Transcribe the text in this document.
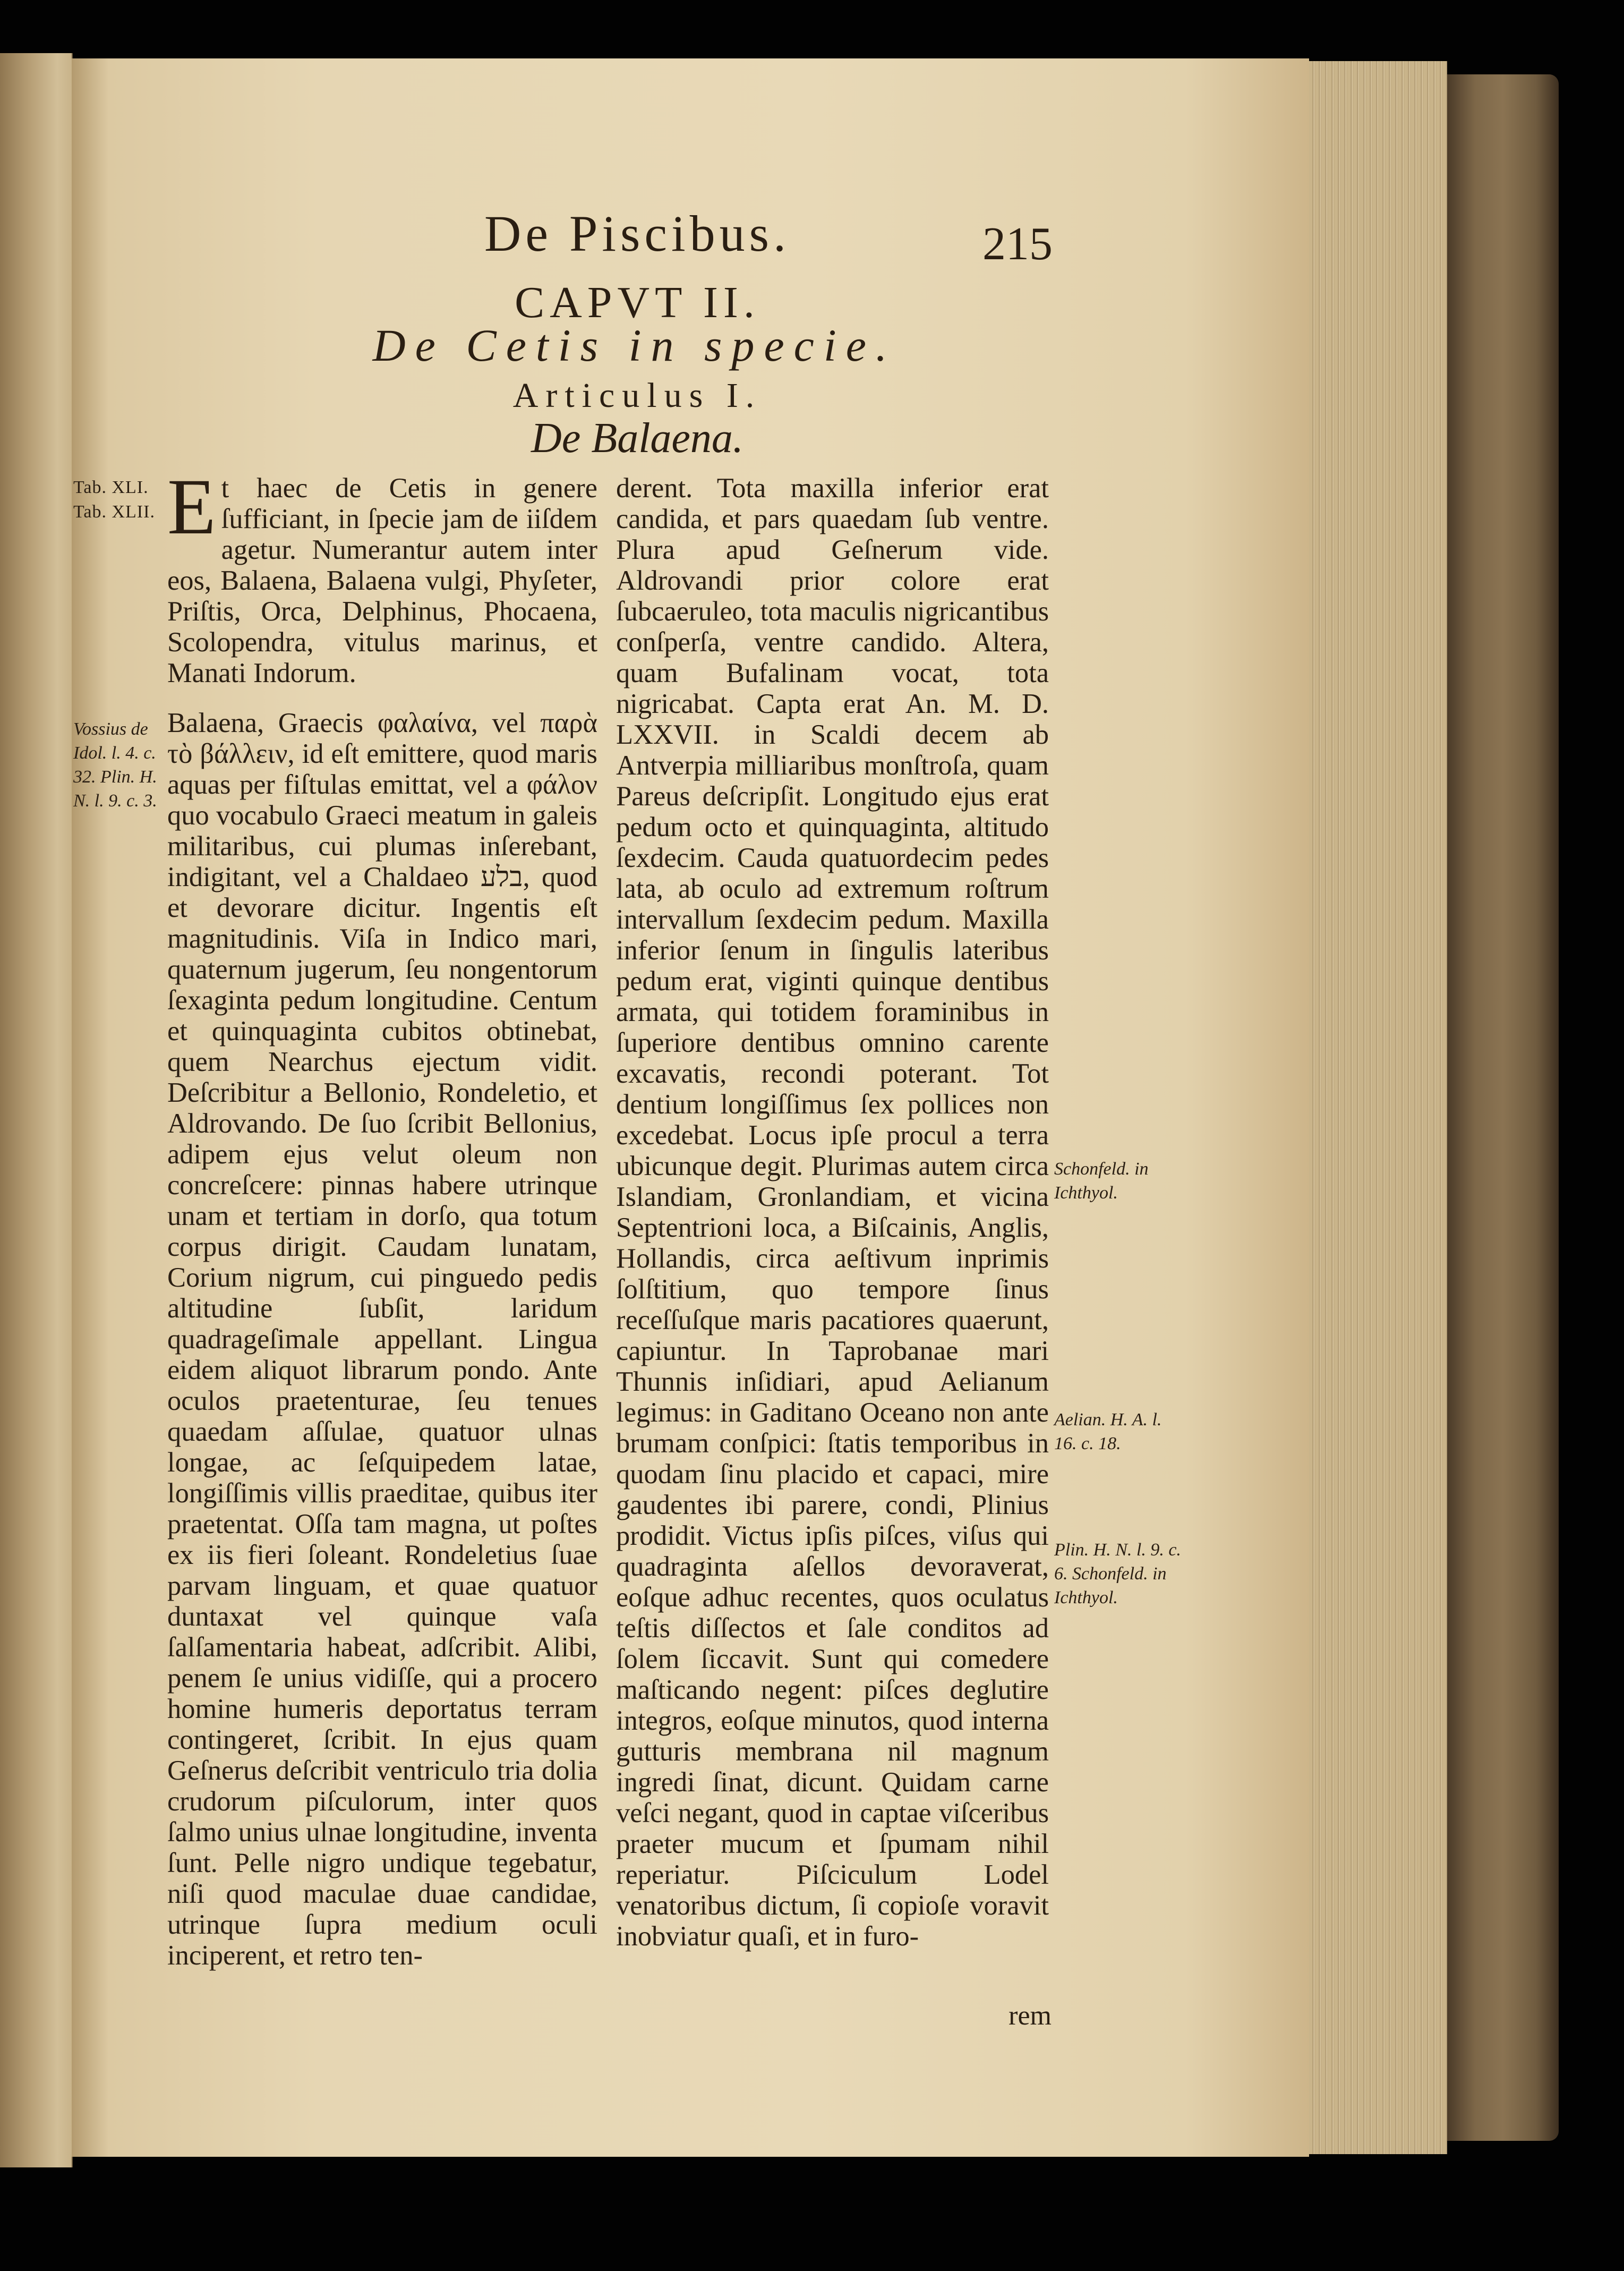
De Piscibus.	215
CAPVT II.
De Cetis in specie.
Articulus I.
De Balaena.
Tab. XLI. Tab. XLII.
Vossius de Idol. l. 4. c. 32. Plin. H. N. l. 9. c. 3.
Schonfeld. in Ichthyol.
Aelian. H. A. l. 16. c. 18.
Plin. H. N. l. 9. c. 6. Schonfeld. in Ichthyol.

Et haec de Cetis in genere ſufficiant, in ſpecie jam de iiſdem agetur. Numerantur autem inter eos, Balaena, Balaena vulgi, Phyſeter, Priſtis, Orca, Delphinus, Phocaena, Scolopendra, vitulus marinus, et Manati Indorum.

Balaena, Graecis φαλαίνα, vel παρὰ τὸ βάλλειν, id eſt emittere, quod maris aquas per fiſtulas emittat, vel a φάλον quo vocabulo Graeci meatum in galeis militaribus, cui plumas inſerebant, indigitant, vel a Chaldaeo בלע, quod et devorare dicitur. Ingentis eſt magnitudinis. Viſa in Indico mari, quaternum jugerum, ſeu nongentorum ſexaginta pedum longitudine. Centum et quinquaginta cubitos obtinebat, quem Nearchus ejectum vidit. Deſcribitur a Bellonio, Rondeletio, et Aldrovando. De ſuo ſcribit Bellonius, adipem ejus velut oleum non concreſcere: pinnas habere utrinque unam et tertiam in dorſo, qua totum corpus dirigit. Caudam lunatam, Corium nigrum, cui pinguedo pedis altitudine ſubſit, laridum quadrageſimale appellant. Lingua eidem aliquot librarum pondo. Ante oculos praetenturae, ſeu tenues quaedam aſſulae, quatuor ulnas longae, ac ſeſquipedem latae, longiſſimis villis praeditae, quibus iter praetentat. Oſſa tam magna, ut poſtes ex iis fieri ſoleant. Rondeletius ſuae parvam linguam, et quae quatuor duntaxat vel quinque vaſa ſalſamentaria habeat, adſcribit. Alibi, penem ſe unius vidiſſe, qui a procero homine humeris deportatus terram contingeret, ſcribit. In ejus quam Geſnerus deſcribit ventriculo tria dolia crudorum piſculorum, inter quos ſalmo unius ulnae longitudine, inventa ſunt. Pelle nigro undique tegebatur, niſi quod maculae duae candidae, utrinque ſupra medium oculi inciperent, et retro ten-

derent. Tota maxilla inferior erat candida, et pars quaedam ſub ventre. Plura apud Geſnerum vide. Aldrovandi prior colore erat ſubcaeruleo, tota maculis nigricantibus conſperſa, ventre candido. Altera, quam Bufalinam vocat, tota nigricabat. Capta erat An. M. D. LXXVII. in Scaldi decem ab Antverpia milliaribus monſtroſa, quam Pareus deſcripſit. Longitudo ejus erat pedum octo et quinquaginta, altitudo ſexdecim. Cauda quatuordecim pedes lata, ab oculo ad extremum roſtrum intervallum ſexdecim pedum. Maxilla inferior ſenum in ſingulis lateribus pedum erat, viginti quinque dentibus armata, qui totidem foraminibus in ſuperiore dentibus omnino carente excavatis, recondi poterant. Tot dentium longiſſimus ſex pollices non excedebat. Locus ipſe procul a terra ubicunque degit. Plurimas autem circa Islandiam, Gronlandiam, et vicina Septentrioni loca, a Biſcainis, Anglis, Hollandis, circa aeſtivum inprimis ſolſtitium, quo tempore ſinus receſſuſque maris pacatiores quaerunt, capiuntur. In Taprobanae mari Thunnis inſidiari, apud Aelianum legimus: in Gaditano Oceano non ante brumam conſpici: ſtatis temporibus in quodam ſinu placido et capaci, mire gaudentes ibi parere, condi, Plinius prodidit. Victus ipſis piſces, viſus qui quadraginta aſellos devoraverat, eoſque adhuc recentes, quos oculatus teſtis diſſectos et ſale conditos ad ſolem ſiccavit. Sunt qui comedere maſticando negent: piſces deglutire integros, eoſque minutos, quod interna gutturis membrana nil magnum ingredi ſinat, dicunt. Quidam carne veſci negant, quod in captae viſceribus praeter mucum et ſpumam nihil reperiatur. Piſciculum Lodel venatoribus dictum, ſi copioſe voravit inobviatur quaſi, et in furo-

rem
